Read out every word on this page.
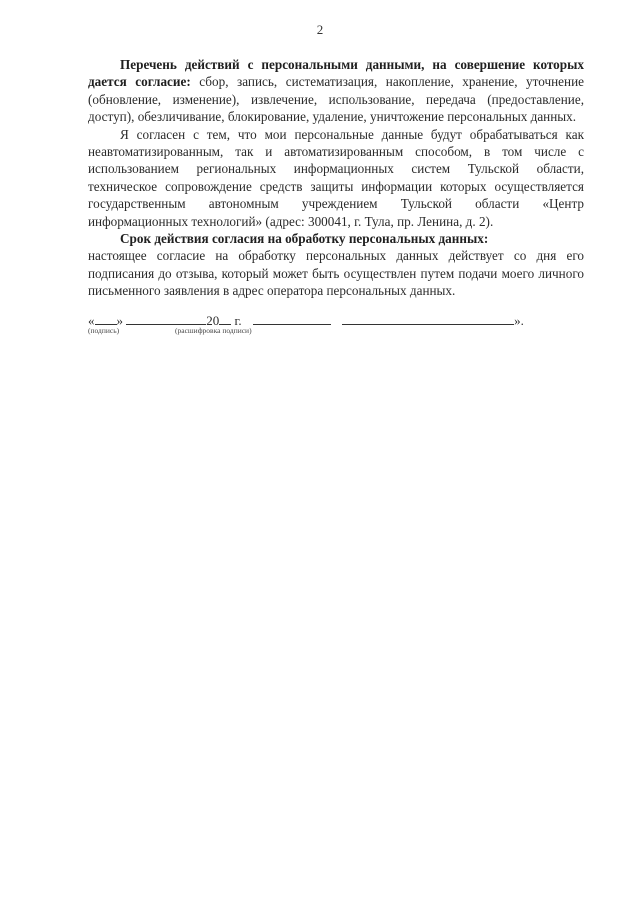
2

Перечень действий с персональными данными, на совершение которых дается согласие: сбор, запись, систематизация, накопление, хранение, уточнение (обновление, изменение), извлечение, использование, передача (предоставление, доступ), обезличивание, блокирование, удаление, уничтожение персональных данных.

Я согласен с тем, что мои персональные данные будут обрабатываться как неавтоматизированным, так и автоматизированным способом, в том числе с использованием региональных информационных систем Тульской области, техническое сопровождение средств защиты информации которых осуществляется государственным автономным учреждением Тульской области «Центр информационных технологий» (адрес: 300041, г. Тула, пр. Ленина, д. 2).

Срок действия согласия на обработку персональных данных:

настоящее согласие на обработку персональных данных действует со дня его подписания до отзыва, который может быть осуществлен путем подачи моего личного письменного заявления в адрес оператора персональных данных.

« »	20 г.	».
(подпись)	(расшифровка подписи)
